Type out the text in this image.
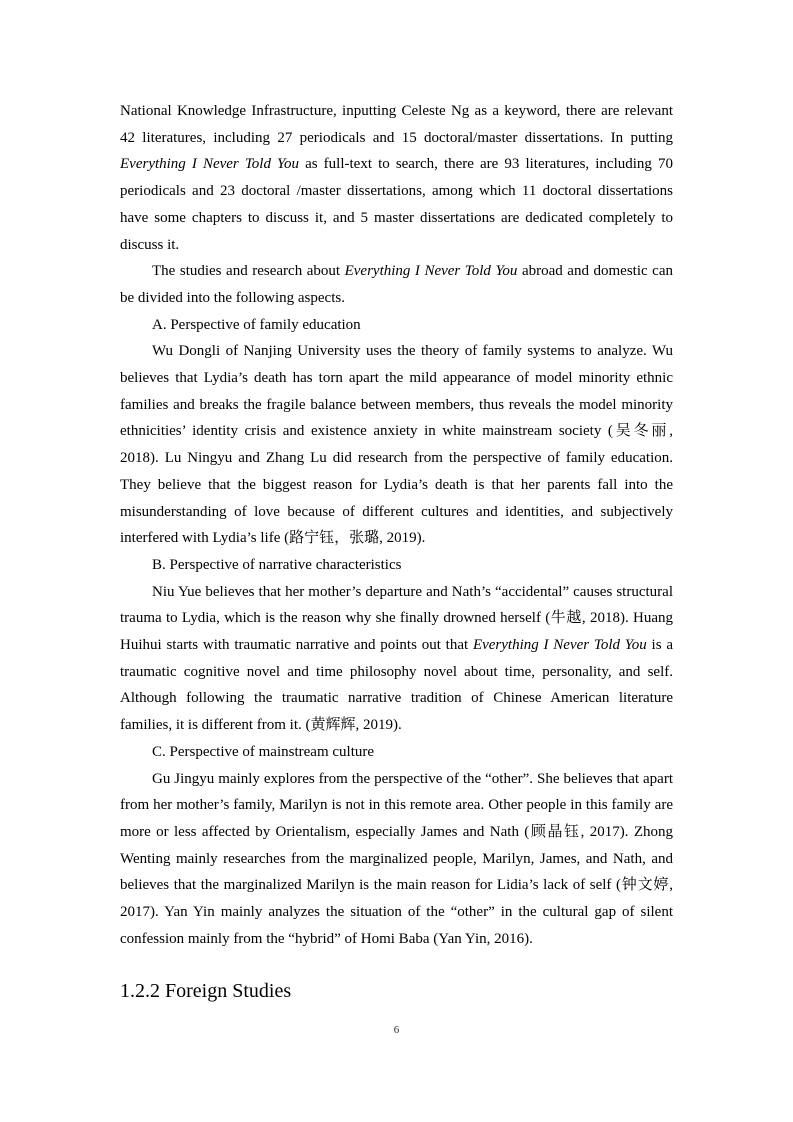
National Knowledge Infrastructure, inputting Celeste Ng as a keyword, there are relevant 42 literatures, including 27 periodicals and 15 doctoral/master dissertations. In putting Everything I Never Told You as full-text to search, there are 93 literatures, including 70 periodicals and 23 doctoral /master dissertations, among which 11 doctoral dissertations have some chapters to discuss it, and 5 master dissertations are dedicated completely to discuss it.

The studies and research about Everything I Never Told You abroad and domestic can be divided into the following aspects.

A. Perspective of family education

Wu Dongli of Nanjing University uses the theory of family systems to analyze. Wu believes that Lydia’s death has torn apart the mild appearance of model minority ethnic families and breaks the fragile balance between members, thus reveals the model minority ethnicities’ identity crisis and existence anxiety in white mainstream society (吴冬丽, 2018). Lu Ningyu and Zhang Lu did research from the perspective of family education. They believe that the biggest reason for Lydia’s death is that her parents fall into the misunderstanding of love because of different cultures and identities, and subjectively interfered with Lydia’s life (路宁钰，张璐, 2019).

B. Perspective of narrative characteristics

Niu Yue believes that her mother’s departure and Nath’s “accidental” causes structural trauma to Lydia, which is the reason why she finally drowned herself (牛越, 2018). Huang Huihui starts with traumatic narrative and points out that Everything I Never Told You is a traumatic cognitive novel and time philosophy novel about time, personality, and self. Although following the traumatic narrative tradition of Chinese American literature families, it is different from it. (黄辉辉, 2019).

C. Perspective of mainstream culture

Gu Jingyu mainly explores from the perspective of the “other”. She believes that apart from her mother’s family, Marilyn is not in this remote area. Other people in this family are more or less affected by Orientalism, especially James and Nath (顾晶钰, 2017). Zhong Wenting mainly researches from the marginalized people, Marilyn, James, and Nath, and believes that the marginalized Marilyn is the main reason for Lidia’s lack of self (钟文婷, 2017). Yan Yin mainly analyzes the situation of the “other” in the cultural gap of silent confession mainly from the “hybrid” of Homi Baba (Yan Yin, 2016).

1.2.2 Foreign Studies
6
